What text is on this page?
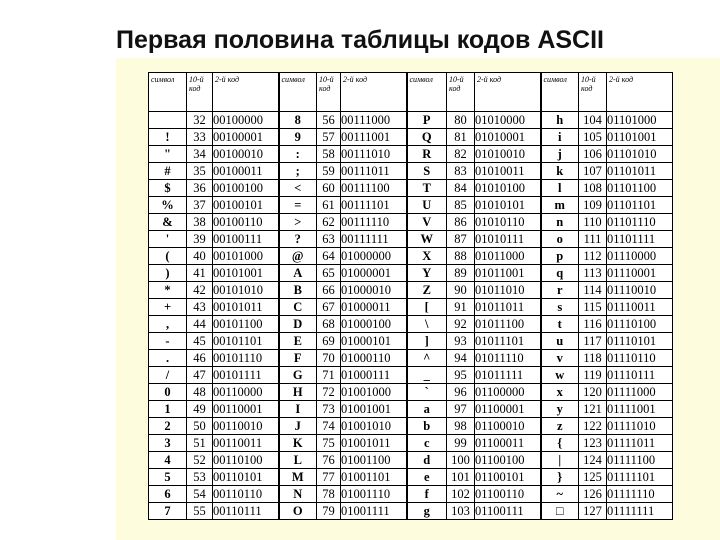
Первая половина таблицы кодов ASCII
символ	10-й код	2-й код	символ	10-й код	2-й код	символ	10-й код	2-й код	символ	10-й код	2-й код
	32	00100000	8	56	00111000	P	80	01010000	h	104	01101000
!	33	00100001	9	57	00111001	Q	81	01010001	i	105	01101001
"	34	00100010	:	58	00111010	R	82	01010010	j	106	01101010
#	35	00100011	;	59	00111011	S	83	01010011	k	107	01101011
$	36	00100100	<	60	00111100	T	84	01010100	l	108	01101100
%	37	00100101	=	61	00111101	U	85	01010101	m	109	01101101
&	38	00100110	>	62	00111110	V	86	01010110	n	110	01101110
'	39	00100111	?	63	00111111	W	87	01010111	o	111	01101111
(	40	00101000	@	64	01000000	X	88	01011000	p	112	01110000
)	41	00101001	A	65	01000001	Y	89	01011001	q	113	01110001
*	42	00101010	B	66	01000010	Z	90	01011010	r	114	01110010
+	43	00101011	C	67	01000011	[	91	01011011	s	115	01110011
,	44	00101100	D	68	01000100	\	92	01011100	t	116	01110100
-	45	00101101	E	69	01000101	]	93	01011101	u	117	01110101
.	46	00101110	F	70	01000110	^	94	01011110	v	118	01110110
/	47	00101111	G	71	01000111	_	95	01011111	w	119	01110111
0	48	00110000	H	72	01001000	`	96	01100000	x	120	01111000
1	49	00110001	I	73	01001001	a	97	01100001	y	121	01111001
2	50	00110010	J	74	01001010	b	98	01100010	z	122	01111010
3	51	00110011	K	75	01001011	c	99	01100011	{	123	01111011
4	52	00110100	L	76	01001100	d	100	01100100	|	124	01111100
5	53	00110101	M	77	01001101	e	101	01100101	}	125	01111101
6	54	00110110	N	78	01001110	f	102	01100110	~	126	01111110
7	55	00110111	O	79	01001111	g	103	01100111	□	127	01111111
